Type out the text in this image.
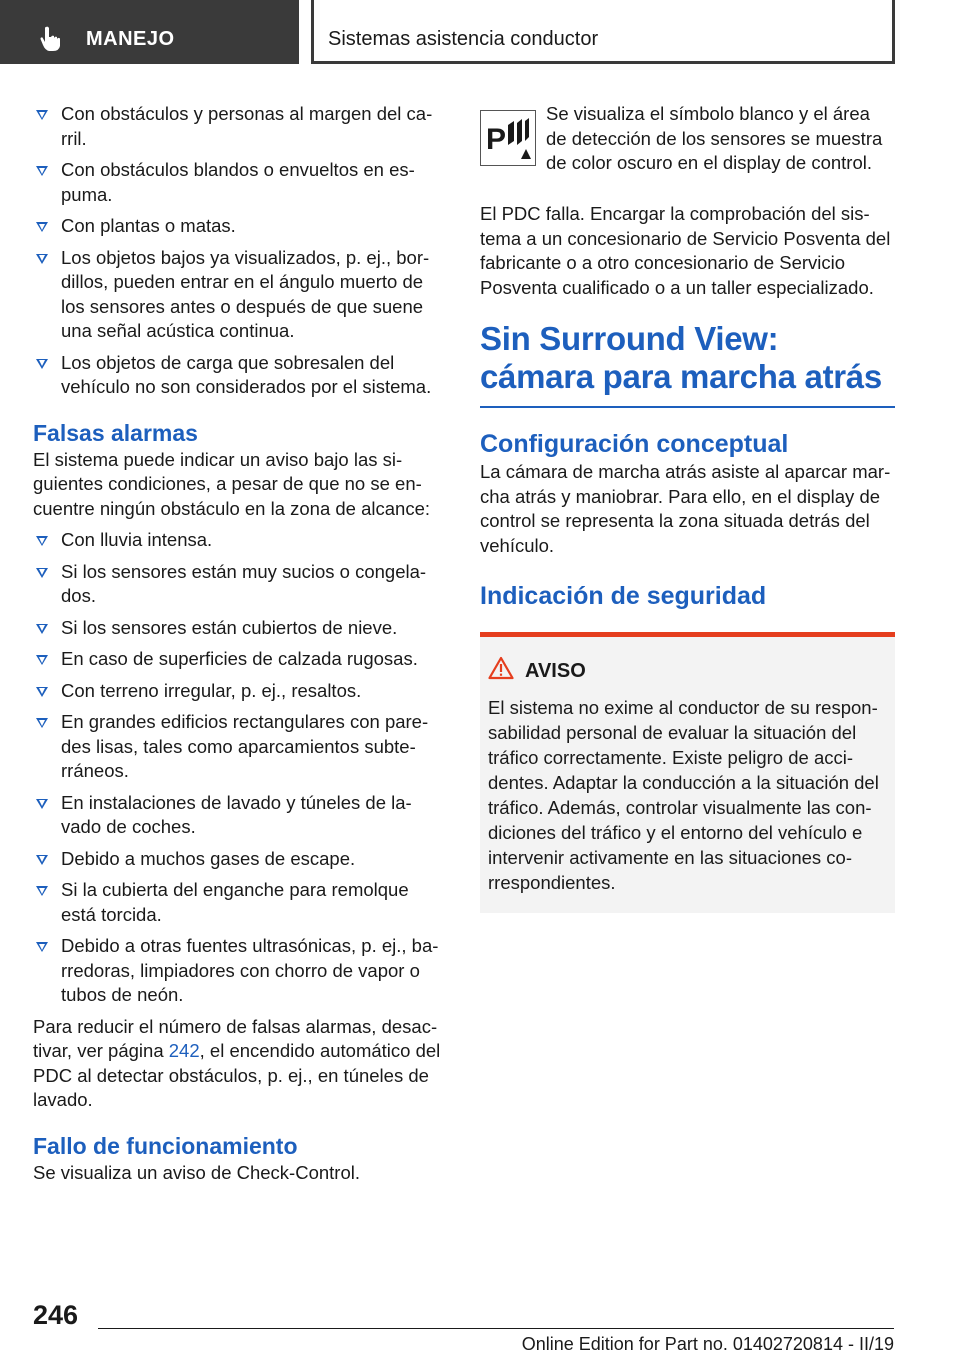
MANEJO	Sistemas asistencia conductor
Con obstáculos y personas al margen del carril.
Con obstáculos blandos o envueltos en espuma.
Con plantas o matas.
Los objetos bajos ya visualizados, p. ej., bordillos, pueden entrar en el ángulo muerto de los sensores antes o después de que suene una señal acústica continua.
Los objetos de carga que sobresalen del vehículo no son considerados por el sistema.
Falsas alarmas

El sistema puede indicar un aviso bajo las siguientes condiciones, a pesar de que no se encuentre ningún obstáculo en la zona de alcance:

Con lluvia intensa.
Si los sensores están muy sucios o congelados.
Si los sensores están cubiertos de nieve.
En caso de superficies de calzada rugosas.
Con terreno irregular, p. ej., resaltos.
En grandes edificios rectangulares con paredes lisas, tales como aparcamientos subterráneos.
En instalaciones de lavado y túneles de lavado de coches.
Debido a muchos gases de escape.
Si la cubierta del enganche para remolque está torcida.
Debido a otras fuentes ultrasónicas, p. ej., barredoras, limpiadores con chorro de vapor o tubos de neón.

Para reducir el número de falsas alarmas, desactivar, ver página 242, el encendido automático del PDC al detectar obstáculos, p. ej., en túneles de lavado.

Fallo de funcionamiento

Se visualiza un aviso de Check-Control.

P
Se visualiza el símbolo blanco y el área de detección de los sensores se muestra de color oscuro en el display de control.

El PDC falla. Encargar la comprobación del sistema a un concesionario de Servicio Posventa del fabricante o a otro concesionario de Servicio Posventa cualificado o a un taller especializado.

Sin Surround View: cámara para marcha atrás
Configuración conceptual

La cámara de marcha atrás asiste al aparcar marcha atrás y maniobrar. Para ello, en el display de control se representa la zona situada detrás del vehículo.

Indicación de seguridad
AVISO
El sistema no exime al conductor de su responsabilidad personal de evaluar la situación del tráfico correctamente. Existe peligro de accidentes. Adaptar la conducción a la situación del tráfico. Además, controlar visualmente las condiciones del tráfico y el entorno del vehículo e intervenir activamente en las situaciones correspondientes.
246
Online Edition for Part no. 01402720814 - II/19
